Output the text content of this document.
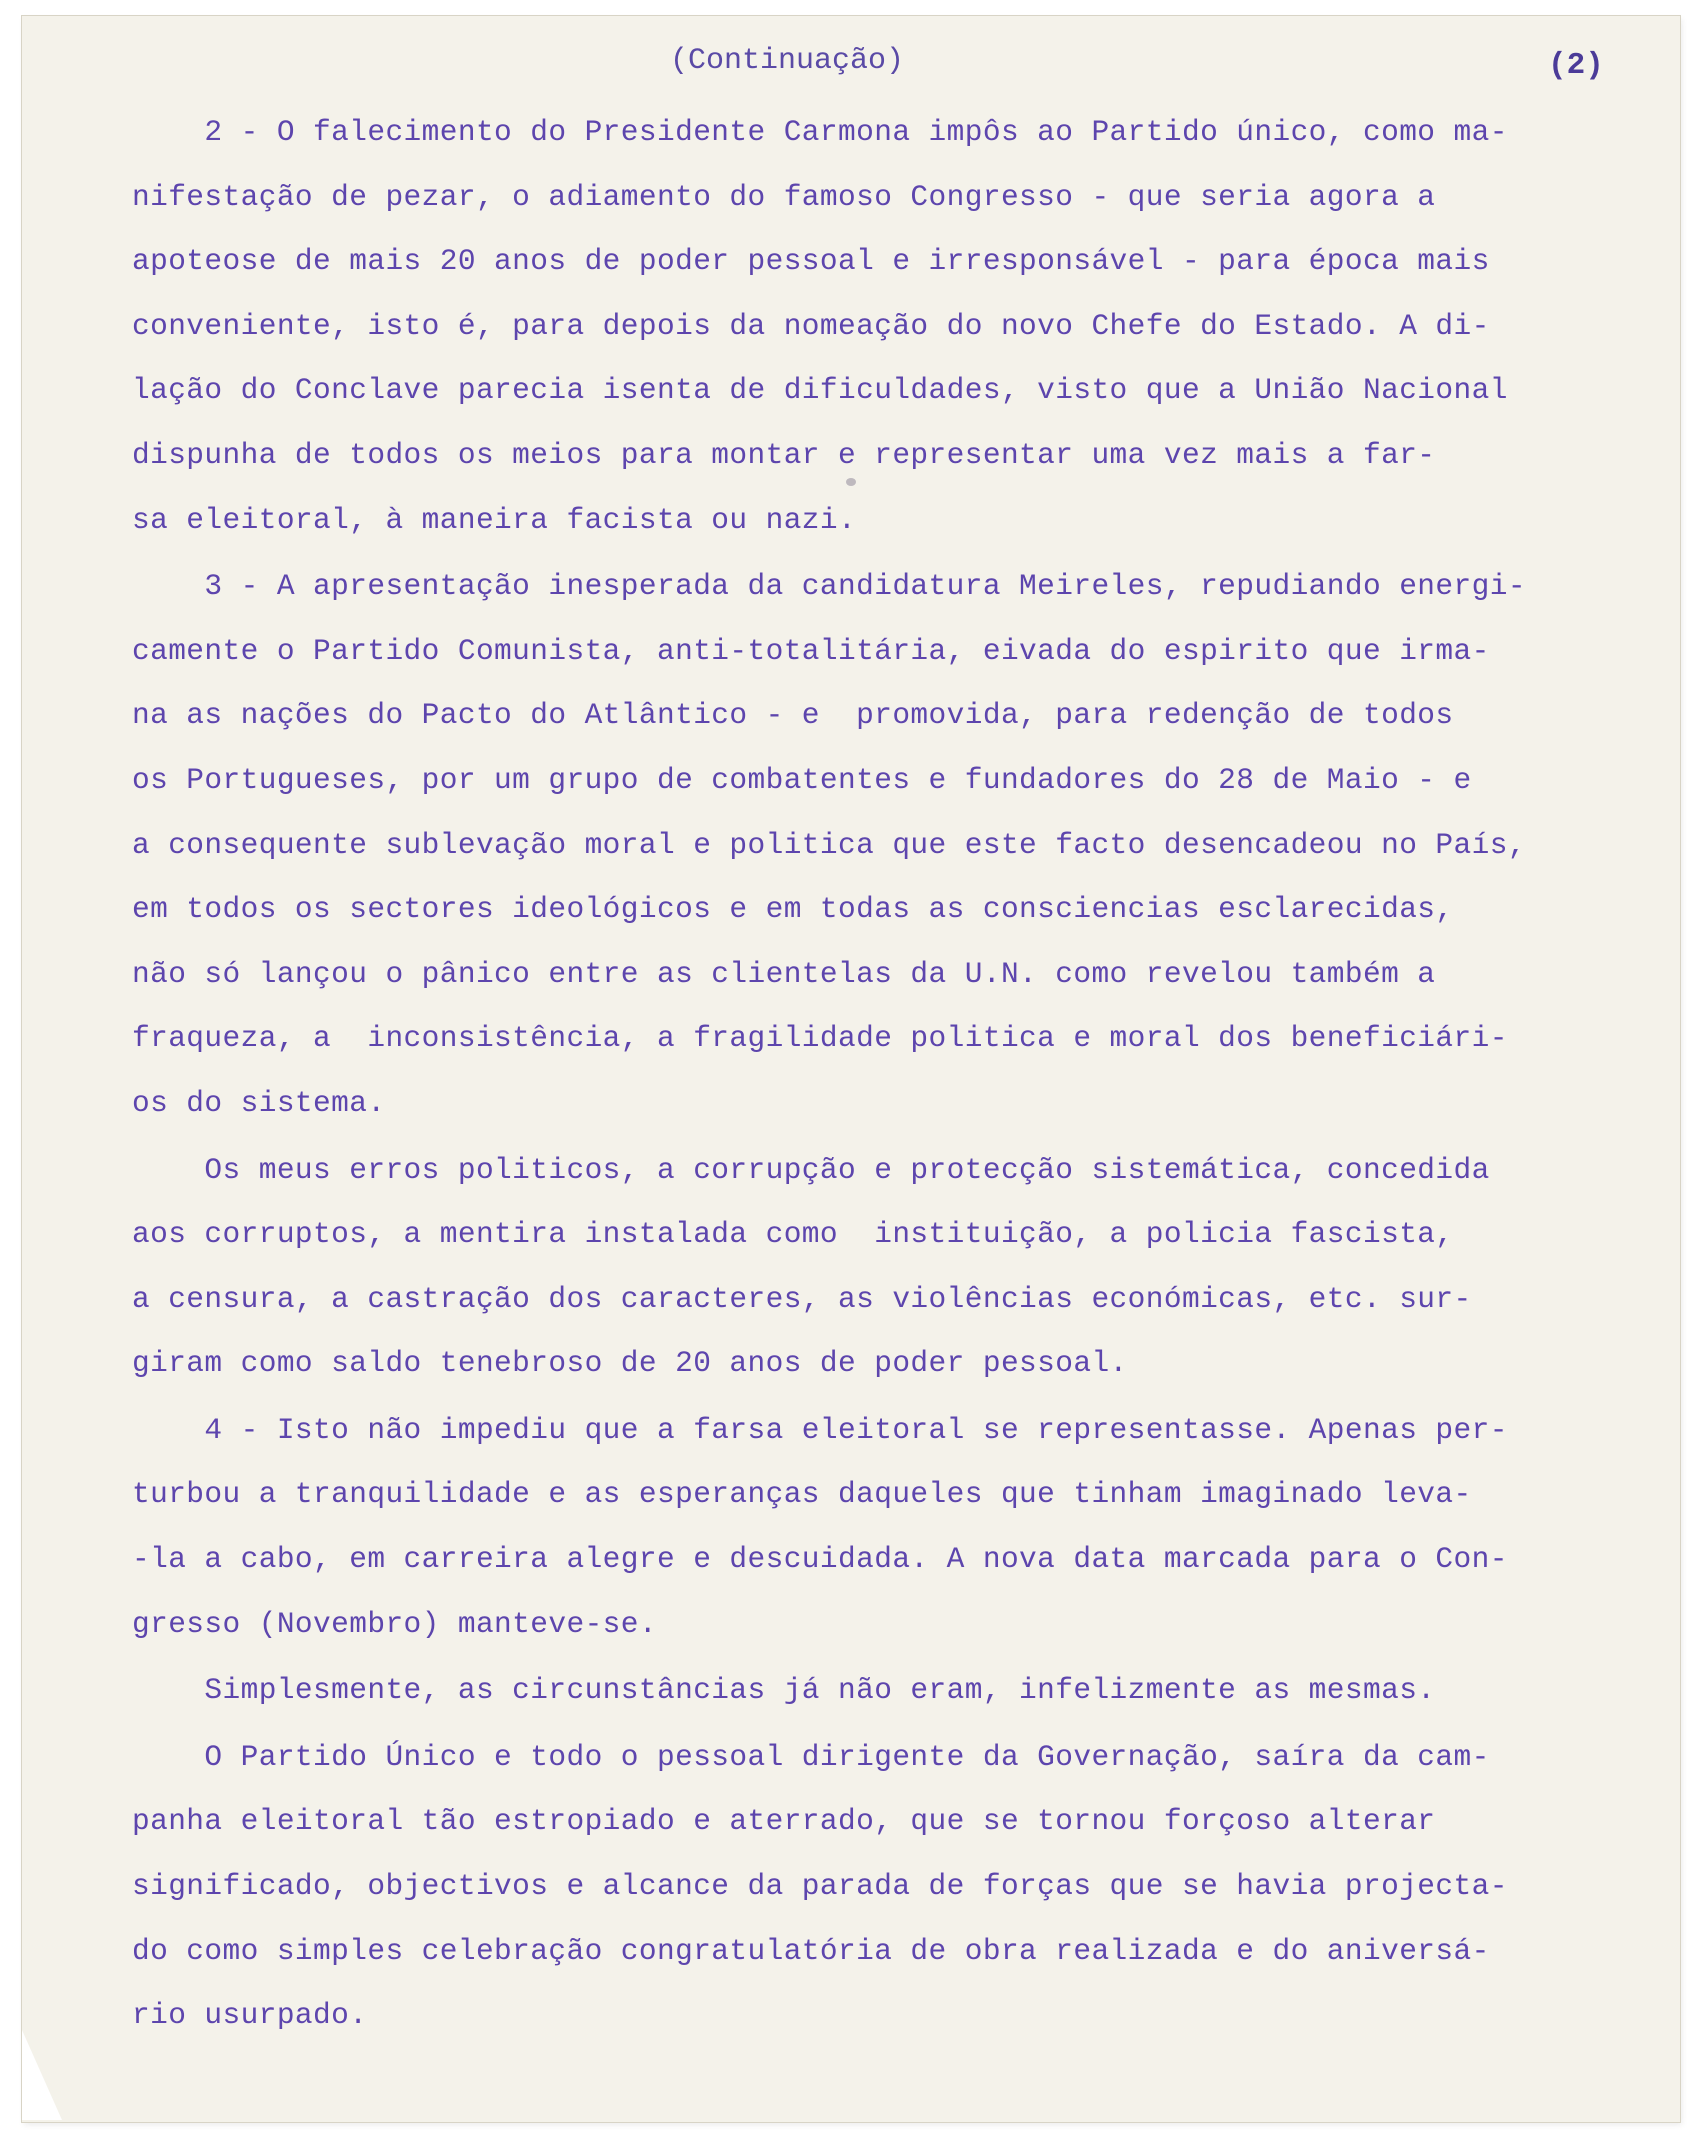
(Continuação)	(2)
2 - O falecimento do Presidente Carmona impôs ao Partido único, como ma-
nifestação de pezar, o adiamento do famoso Congresso - que seria agora a
apoteose de mais 20 anos de poder pessoal e irresponsável - para época mais
conveniente, isto é, para depois da nomeação do novo Chefe do Estado. A di-
lação do Conclave parecia isenta de dificuldades, visto que a União Nacional
dispunha de todos os meios para montar e representar uma vez mais a far-
sa eleitoral, à maneira facista ou nazi.
3 - A apresentação inesperada da candidatura Meireles, repudiando energi-
camente o Partido Comunista, anti-totalitária, eivada do espirito que irma-
na as nações do Pacto do Atlântico - e  promovida, para redenção de todos
os Portugueses, por um grupo de combatentes e fundadores do 28 de Maio - e
a consequente sublevação moral e politica que este facto desencadeou no País,
em todos os sectores ideológicos e em todas as consciencias esclarecidas,
não só lançou o pânico entre as clientelas da U.N. como revelou também a
fraqueza, a  inconsistência, a fragilidade politica e moral dos beneficiári-
os do sistema.
Os meus erros politicos, a corrupção e protecção sistemática, concedida
aos corruptos, a mentira instalada como  instituição, a policia fascista,
a censura, a castração dos caracteres, as violências económicas, etc. sur-
giram como saldo tenebroso de 20 anos de poder pessoal.
4 - Isto não impediu que a farsa eleitoral se representasse. Apenas per-
turbou a tranquilidade e as esperanças daqueles que tinham imaginado leva-
-la a cabo, em carreira alegre e descuidada. A nova data marcada para o Con-
gresso (Novembro) manteve-se.
Simplesmente, as circunstâncias já não eram, infelizmente as mesmas.
O Partido Único e todo o pessoal dirigente da Governação, saíra da cam-
panha eleitoral tão estropiado e aterrado, que se tornou forçoso alterar
significado, objectivos e alcance da parada de forças que se havia projecta-
do como simples celebração congratulatória de obra realizada e do aniversá-
rio usurpado.
